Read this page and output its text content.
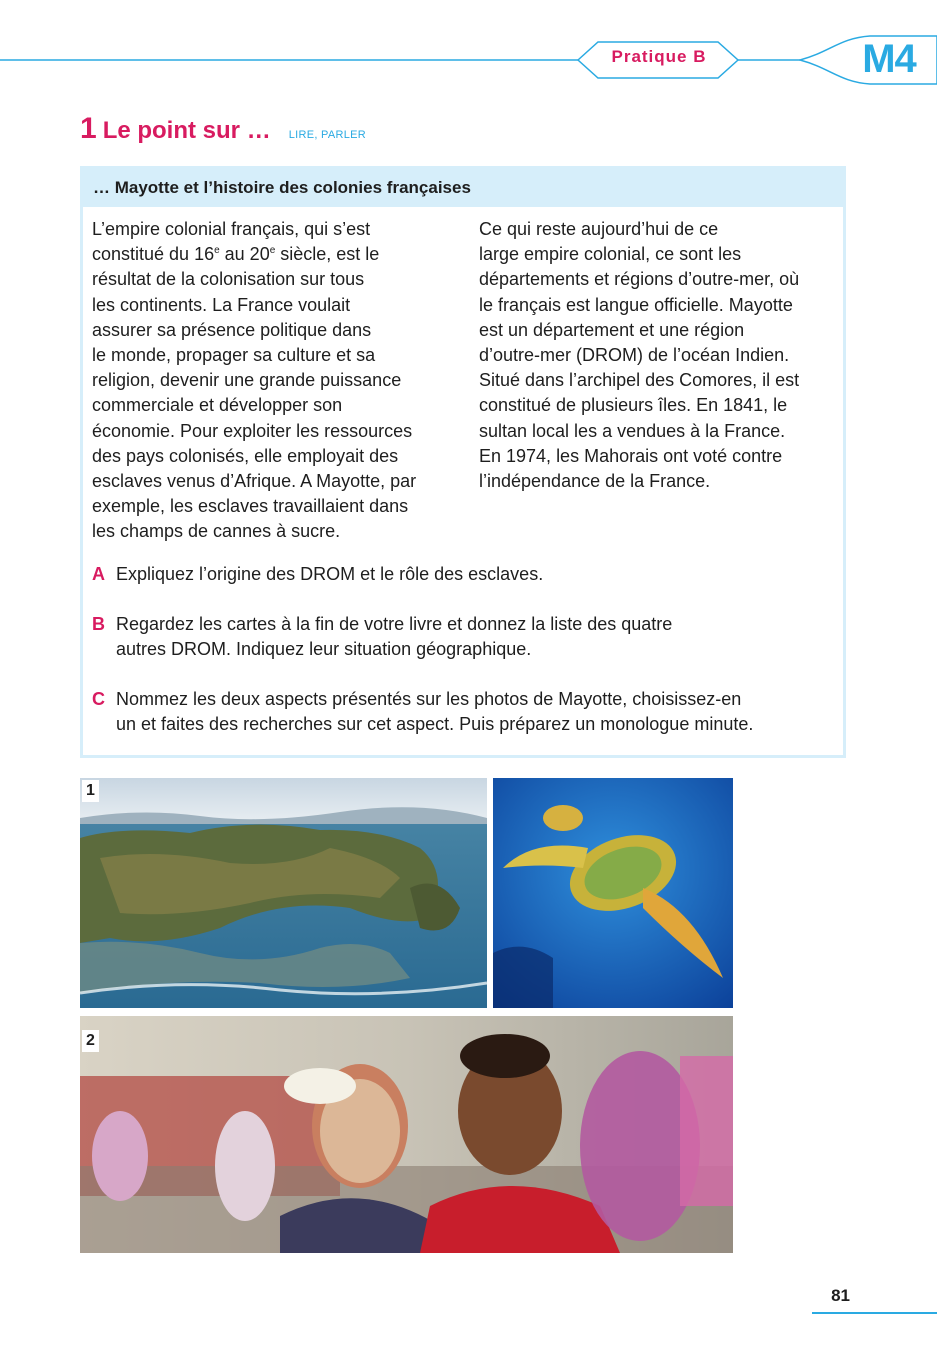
Pratique B	M4
1 Le point sur … LIRE, PARLER
… Mayotte et l’histoire des colonies françaises
L’empire colonial français, qui s’est
constitué du 16e au 20e siècle, est le
résultat de la colonisation sur tous
les continents. La France voulait
assurer sa présence politique dans
le monde, propager sa culture et sa
religion, devenir une grande puissance
commerciale et développer son
économie. Pour exploiter les ressources
des pays colonisés, elle employait des
esclaves venus d’Afrique. A Mayotte, par
exemple, les esclaves travaillaient dans
les champs de cannes à sucre.
Ce qui reste aujourd’hui de ce
large empire colonial, ce sont les
départements et régions d’outre-mer, où
le français est langue officielle. Mayotte
est un département et une région
d’outre-mer (DROM) de l’océan Indien.
Situé dans l’archipel des Comores, il est
constitué de plusieurs îles. En 1841, le
sultan local les a vendues à la France.
En 1974, les Mahorais ont voté contre
l’indépendance de la France.
A Expliquez l’origine des DROM et le rôle des esclaves.
B Regardez les cartes à la fin de votre livre et donnez la liste des quatre
autres DROM. Indiquez leur situation géographique.
C Nommez les deux aspects présentés sur les photos de Mayotte, choisissez-en
un et faites des recherches sur cet aspect. Puis préparez un monologue minute.
1
2
81
